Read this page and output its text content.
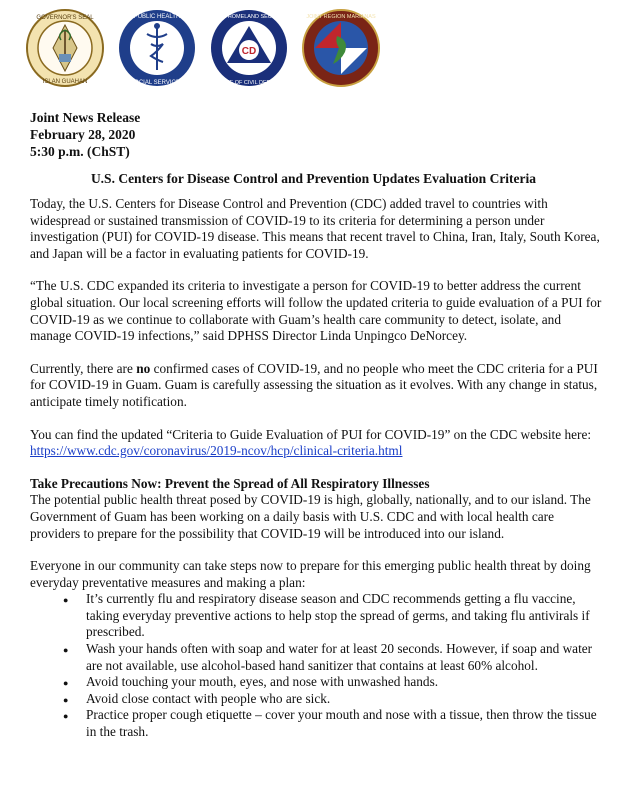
GOVERNOR'S SEAL
ISLAN GUAHAN
PUBLIC HEALTH
SOCIAL SERVICES
CD
GUAM HOMELAND SECURITY
OFFICE OF CIVIL DEFENSE
JOINT REGION MARIANAS
Joint News Release
February 28, 2020
5:30 p.m. (ChST)
U.S. Centers for Disease Control and Prevention Updates Evaluation Criteria

Today, the U.S. Centers for Disease Control and Prevention (CDC) added travel to countries with widespread or sustained transmission of COVID-19 to its criteria for determining a person under investigation (PUI) for COVID-19 disease. This means that recent travel to China, Iran, Italy, South Korea, and Japan will be a factor in evaluating patients for COVID-19.

“The U.S. CDC expanded its criteria to investigate a person for COVID-19 to better address the current global situation. Our local screening efforts will follow the updated criteria to guide evaluation of a PUI for COVID-19 as we continue to collaborate with Guam’s health care community to detect, isolate, and manage COVID-19 infections,” said DPHSS Director Linda Unpingco DeNorcey.

Currently, there are no confirmed cases of COVID-19, and no people who meet the CDC criteria for a PUI for COVID-19 in Guam. Guam is carefully assessing the situation as it evolves. With any change in status, anticipate timely notification.

You can find the updated “Criteria to Guide Evaluation of PUI for COVID-19” on the CDC website here: https://www.cdc.gov/coronavirus/2019-ncov/hcp/clinical-criteria.html

Take Precautions Now: Prevent the Spread of All Respiratory Illnesses

The potential public health threat posed by COVID-19 is high, globally, nationally, and to our island. The Government of Guam has been working on a daily basis with U.S. CDC and with local health care providers to prepare for the possibility that COVID-19 will be introduced into our island.

Everyone in our community can take steps now to prepare for this emerging public health threat by doing everyday preventative measures and making a plan:

● It’s currently flu and respiratory disease season and CDC recommends getting a flu vaccine, taking everyday preventive actions to help stop the spread of germs, and taking flu antivirals if prescribed.
● Wash your hands often with soap and water for at least 20 seconds. However, if soap and water are not available, use alcohol-based hand sanitizer that contains at least 60% alcohol.
● Avoid touching your mouth, eyes, and nose with unwashed hands.
● Avoid close contact with people who are sick.
● Practice proper cough etiquette – cover your mouth and nose with a tissue, then throw the tissue in the trash.
